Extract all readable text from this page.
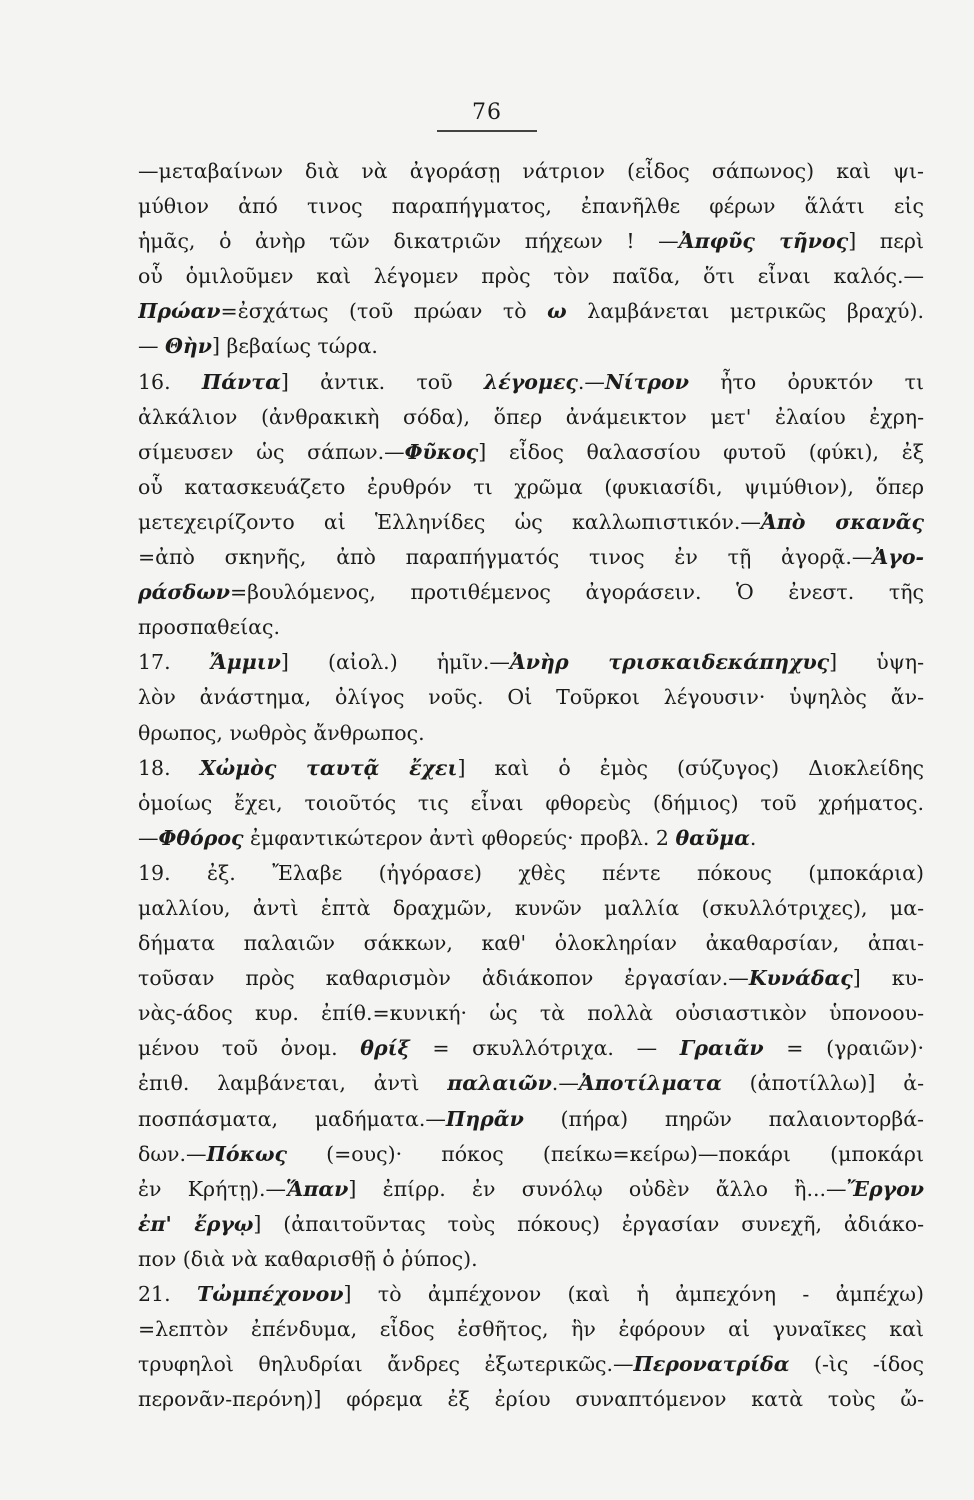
76
—μεταβαίνων διὰ νὰ ἀγοράσῃ νάτριον (εἶδος σάπωνος) καὶ ψι-
μύθιον ἀπό τινος παραπήγματος, ἐπανῆλθε φέρων ἅλάτι εἰς
ἡμᾶς, ὁ ἀνὴρ τῶν δικατριῶν πήχεων ! —Ἀπφῦς τῆνος] περὶ
οὗ ὁμιλοῦμεν καὶ λέγομεν πρὸς τὸν παῖδα, ὅτι εἶναι καλός.—
Πρώαν=ἐσχάτως (τοῦ πρώαν τὸ ω λαμβάνεται μετρικῶς βραχύ).
— Θὴν] βεβαίως τώρα.
16. Πάντα] ἀντικ. τοῦ λέγομες.—Νίτρον ἦτο ὀρυκτόν τι
ἀλκάλιον (ἀνθρακικὴ σόδα), ὅπερ ἀνάμεικτον μετ' ἐλαίου ἐχρη-
σίμευσεν ὡς σάπων.—Φῦκος] εἶδος θαλασσίου φυτοῦ (φύκι), ἐξ
οὗ κατασκευάζετο ἐρυθρόν τι χρῶμα (φυκιασίδι, ψιμύθιον), ὅπερ
μετεχειρίζοντο αἱ Ἑλληνίδες ὡς καλλωπιστικόν.—Ἀπὸ σκανᾶς
=ἀπὸ σκηνῆς, ἀπὸ παραπήγματός τινος ἐν τῇ ἀγορᾷ.—Ἀγο-
ράσδων=βουλόμενος, προτιθέμενος ἀγοράσειν. Ὁ ἐνεστ. τῆς
προσπαθείας.
17. Ἄμμιν] (αἰολ.) ἡμῖν.—Ἀνὴρ τρισκαιδεκάπηχυς] ὑψη-
λὸν ἀνάστημα, ὀλίγος νοῦς. Οἱ Τοῦρκοι λέγουσιν· ὑψηλὸς ἄν-
θρωπος, νωθρὸς ἄνθρωπος.
18. Χὠμὸς ταυτᾷ ἔχει] καὶ ὁ ἐμὸς (σύζυγος) Διοκλείδης
ὁμοίως ἔχει, τοιοῦτός τις εἶναι φθορεὺς (δήμιος) τοῦ χρήματος.
—Φθόρος ἐμφαντικώτερον ἀντὶ φθορεύς· προβλ. 2 θαῦμα.
19. ἐξ. Ἔλαβε (ἠγόρασε) χθὲς πέντε πόκους (μποκάρια)
μαλλίου, ἀντὶ ἑπτὰ δραχμῶν, κυνῶν μαλλία (σκυλλότριχες), μα-
δήματα παλαιῶν σάκκων, καθ' ὁλοκληρίαν ἀκαθαρσίαν, ἀπαι-
τοῦσαν πρὸς καθαρισμὸν ἀδιάκοπον ἐργασίαν.—Κυνάδας] κυ-
νὰς-άδος κυρ. ἐπίθ.=κυνική· ὡς τὰ πολλὰ οὐσιαστικὸν ὑπονοου-
μένου τοῦ ὀνομ. θρίξ = σκυλλότριχα. — Γραιᾶν = (γραιῶν)·
ἐπιθ. λαμβάνεται, ἀντὶ παλαιῶν.—Ἀποτίλματα (ἀποτίλλω)] ἀ-
ποσπάσματα, μαδήματα.—Πηρᾶν (πήρα) πηρῶν παλαιοντορβά-
δων.—Πόκως (=ους)· πόκος (πείκω=κείρω)—ποκάρι (μποκάρι
ἐν Κρήτῃ).—Ἅπαν] ἐπίρρ. ἐν συνόλῳ οὐδὲν ἄλλο ἢ...—Ἔργον
ἐπ' ἔργῳ] (ἀπαιτοῦντας τοὺς πόκους) ἐργασίαν συνεχῆ, ἀδιάκο-
πον (διὰ νὰ καθαρισθῇ ὁ ῥύπος).
21. Τὠμπέχονον] τὸ ἀμπέχονον (καὶ ἡ ἀμπεχόνη - ἀμπέχω)
=λεπτὸν ἐπένδυμα, εἶδος ἐσθῆτος, ἣν ἐφόρουν αἱ γυναῖκες καὶ
τρυφηλοὶ θηλυδρίαι ἄνδρες ἐξωτερικῶς.—Περονατρίδα (-ὶς -ίδος
περονᾶν-περόνη)] φόρεμα ἐξ ἐρίου συναπτόμενον κατὰ τοὺς ὤ-
